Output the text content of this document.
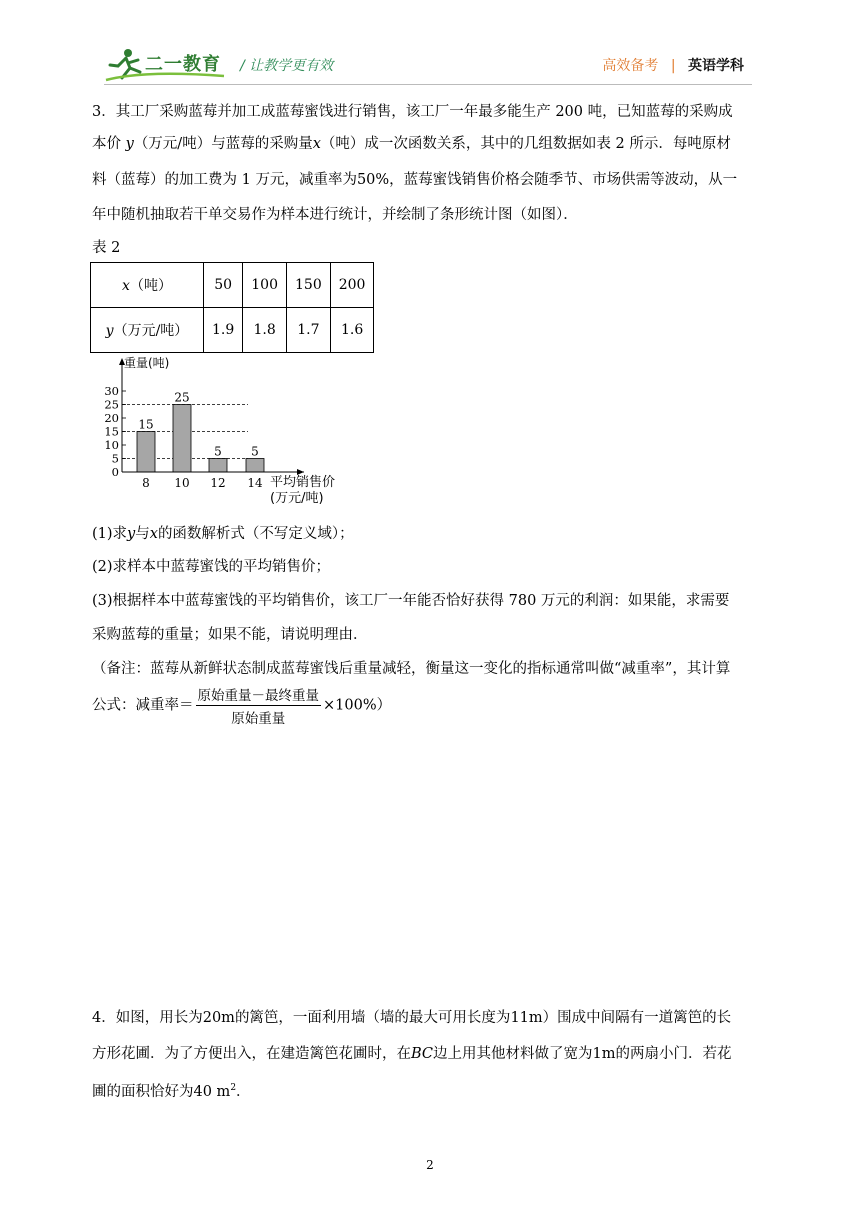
二一教育 / 让教学更有效	高效备考 | 英语学科
3．其工厂采购蓝莓并加工成蓝莓蜜饯进行销售，该工厂一年最多能生产 200 吨，已知蓝莓的采购成
本价 y（万元/吨）与蓝莓的采购量x（吨）成一次函数关系，其中的几组数据如表 2 所示．每吨原材
料（蓝莓）的加工费为 1 万元，减重率为50%，蓝莓蜜饯销售价格会随季节、市场供需等波动，从一
年中随机抽取若干单交易作为样本进行统计，并绘制了条形统计图（如图）．
表 2
x（吨）	50	100	150	200
y（万元/吨）	1.9	1.8	1.7	1.6
15
8
25
10
5
12
5
14
0
5
10
15
20
25
30
重量(吨)
平均销售价
(万元/吨)
(1)求y与x的函数解析式（不写定义域）；
(2)求样本中蓝莓蜜饯的平均销售价；
(3)根据样本中蓝莓蜜饯的平均销售价，该工厂一年能否恰好获得 780 万元的利润：如果能，求需要
采购蓝莓的重量；如果不能，请说明理由．
（备注：蓝莓从新鲜状态制成蓝莓蜜饯后重量减轻，衡量这一变化的指标通常叫做“减重率”，其计算
公式：减重率＝ $\frac{\text{原始重量－最终重量}}{\text{原始重量}} \times 100\%$）
4．如图，用长为20m的篱笆，一面利用墙（墙的最大可用长度为11m）围成中间隔有一道篱笆的长
方形花圃．为了方便出入，在建造篱笆花圃时，在BC边上用其他材料做了宽为1m的两扇小门．若花
圃的面积恰好为40 $m^2$．
2
